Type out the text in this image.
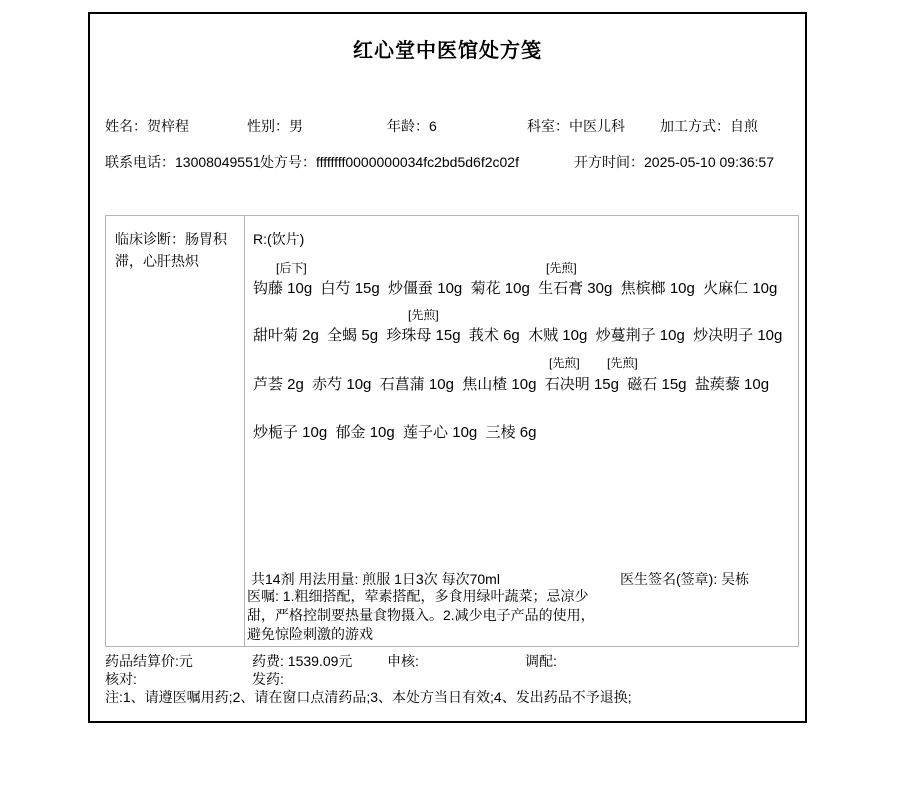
红心堂中医馆处方笺
姓名：贺梓程	性别：男	年龄：6	科室：中医儿科	加工方式：自煎
联系电话：13008049551 处方号：ffffffff0000000034fc2bd5d6f2c02f	开方时间：2025-05-10 09:36:57
临床诊断：肠胃积滞，心肝热炽
R:(饮片)
[后下]	[先煎]
钩藤 10g  白芍 15g  炒僵蚕 10g  菊花 10g  生石膏 30g  焦槟榔 10g  火麻仁 10g
[先煎]
甜叶菊 2g  全蝎 5g  珍珠母 15g  莪术 6g  木贼 10g  炒蔓荆子 10g  炒决明子 10g
[先煎] [先煎]
芦荟 2g  赤芍 10g  石菖蒲 10g  焦山楂 10g  石决明 15g  磁石 15g  盐蒺藜 10g
炒栀子 10g  郁金 10g  莲子心 10g  三棱 6g
共14剂 用法用量: 煎服 1日3次 每次70ml	医生签名(签章): 吴栋
医嘱: 1.粗细搭配，荤素搭配，多食用绿叶蔬菜；忌凉少甜，严格控制要热量食物摄入。2.减少电子产品的使用，避免惊险刺激的游戏
药品结算价:元	药费: 1539.09元 申核:	调配:
核对:	发药:
注:1、请遵医嘱用药;2、请在窗口点清药品;3、本处方当日有效;4、发出药品不予退换;
